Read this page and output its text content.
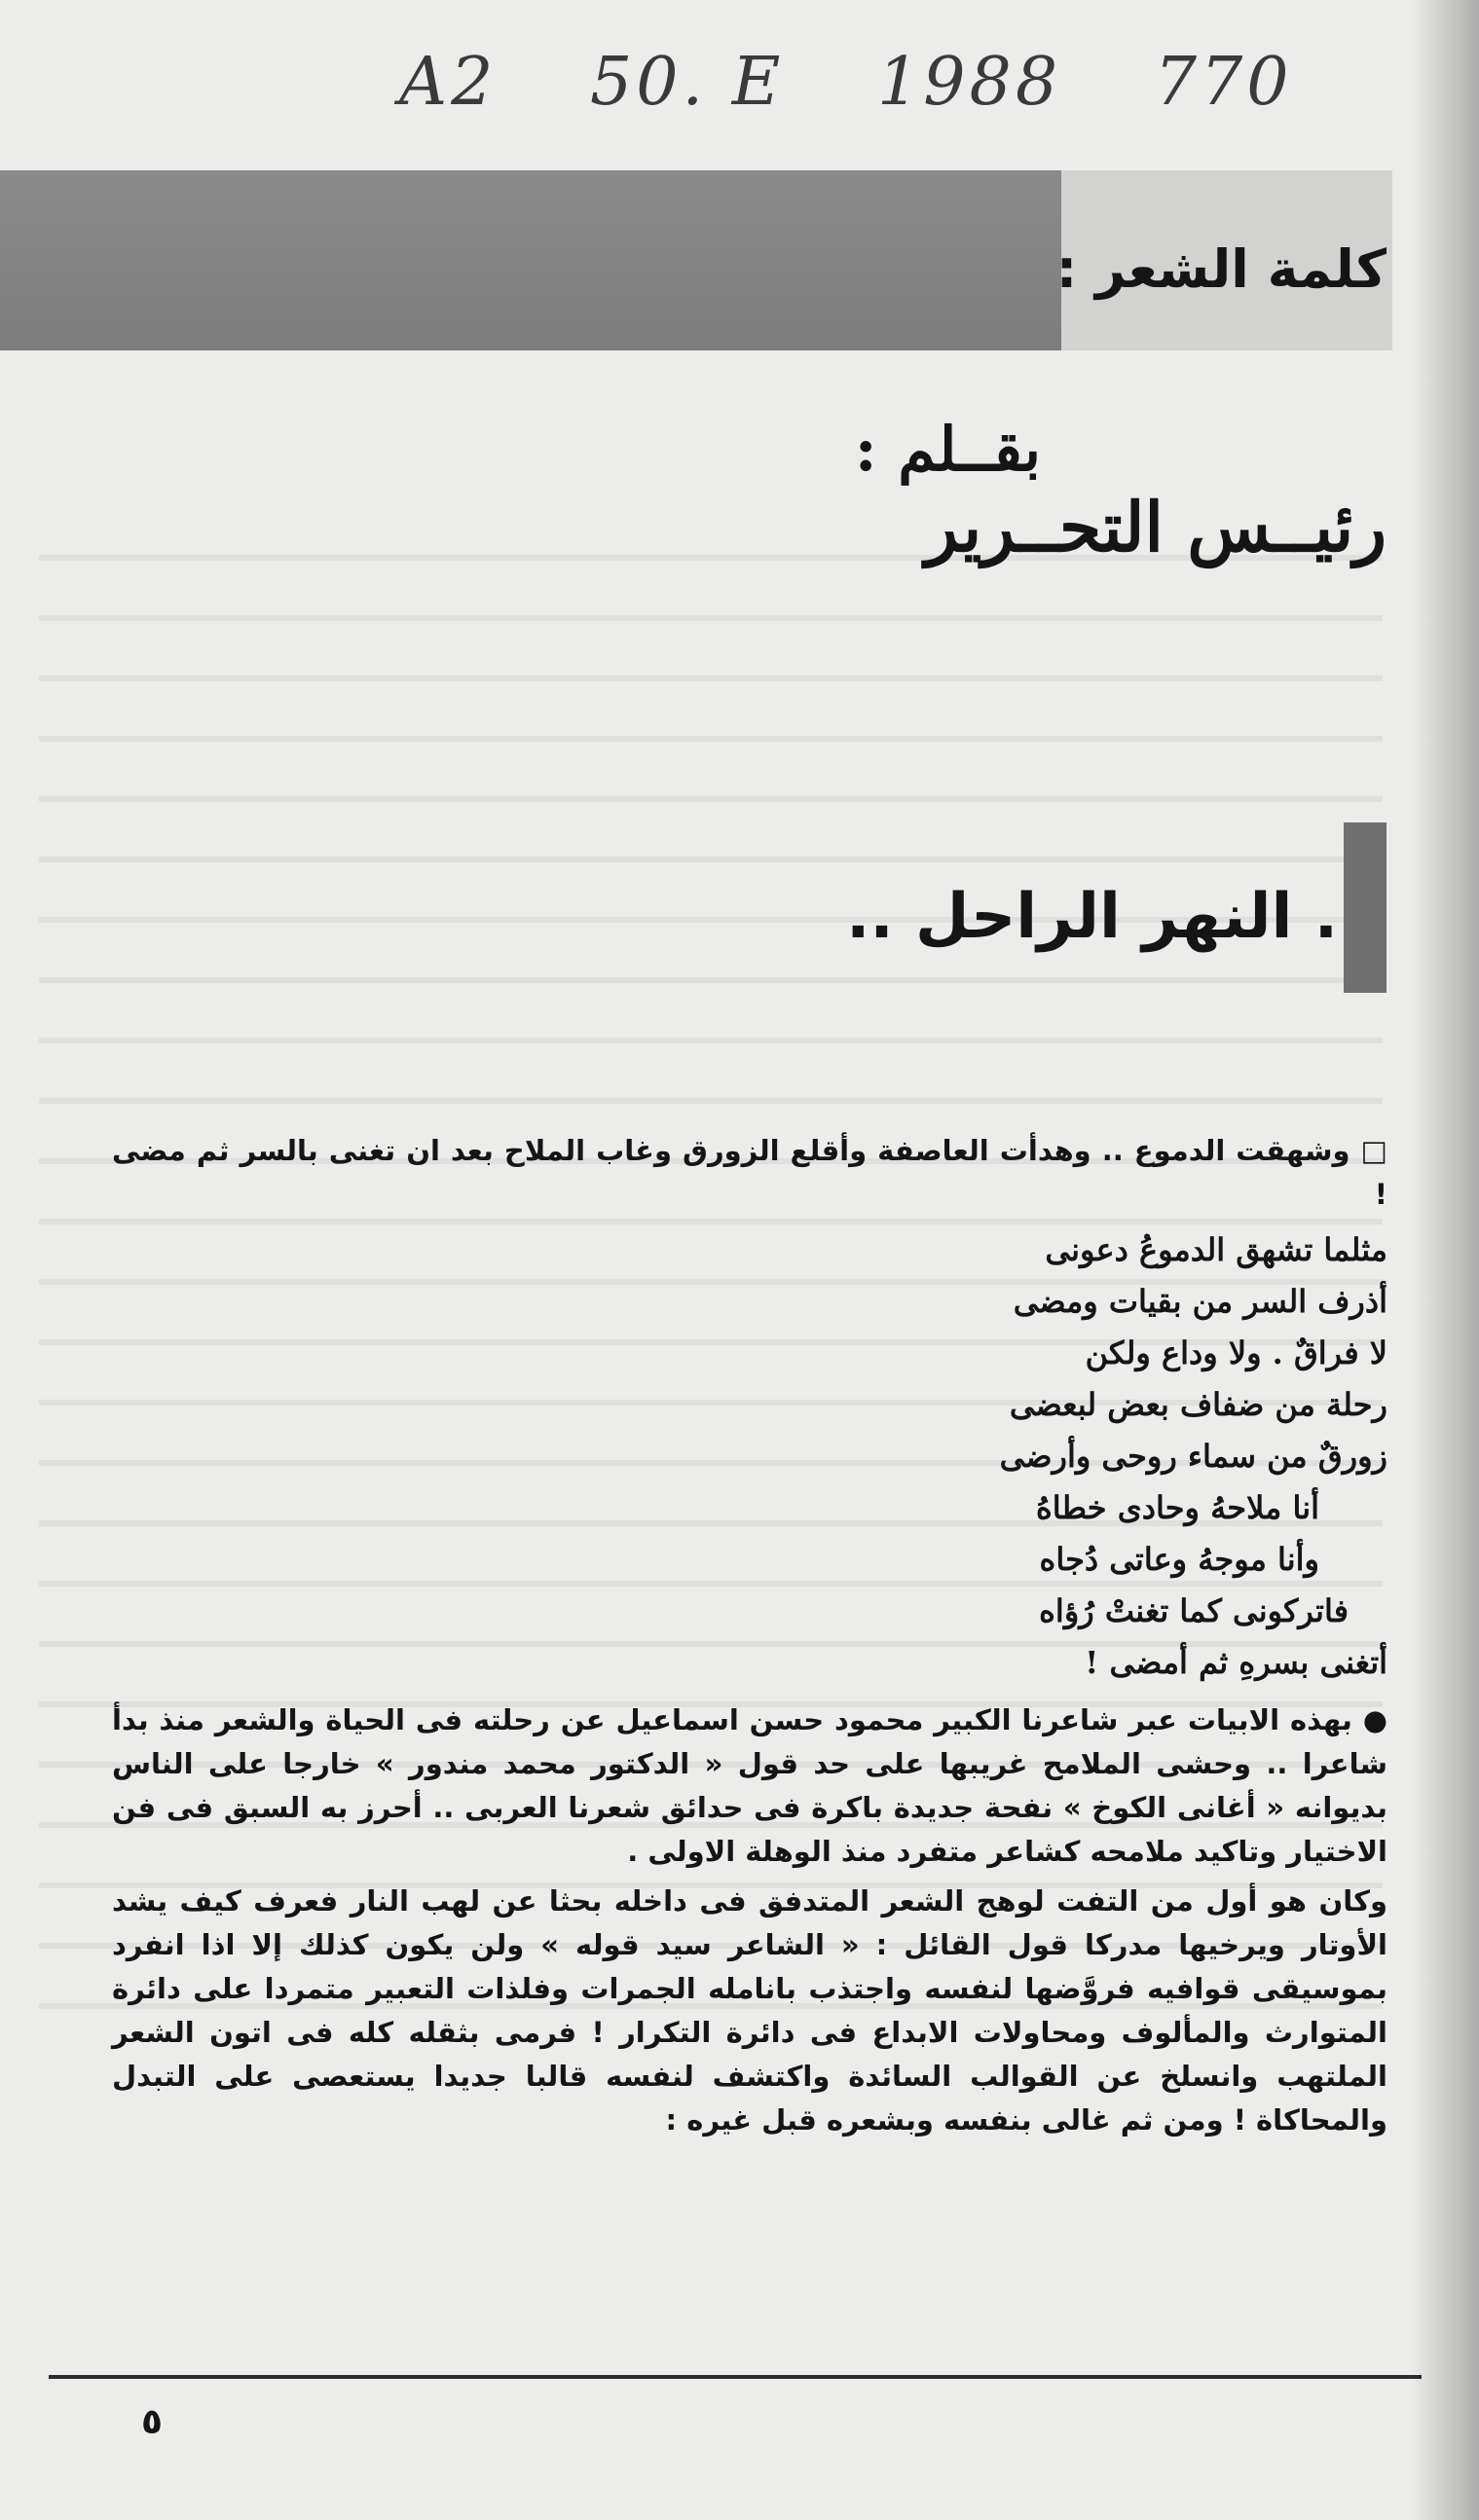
A2 50. E 1988 770
كلمة الشعر :
بقــلم :
رئيــس التحــرير
. النهر الراحل ..

□ وشهقت الدموع .. وهدأت العاصفة وأقلع الزورق وغاب الملاح بعد ان تغنى بالسر ثم مضى !

مثلما تشهق الدموعُ دعونى
أذرف السر من بقيات ومضى
لا فراقٌ . ولا وداع ولكن
رحلة من ضفاف بعض لبعضى
زورقٌ من سماء روحى وأرضى
أنا ملاحهُ وحادى خطاهُ
وأنا موجهُ وعاتى دُجاه
فاتركونى كما تغنتْ رُؤاه
أتغنى بسرهِ ثم أمضى !

● بهذه الابيات عبر شاعرنا الكبير محمود حسن اسماعيل عن رحلته فى الحياة والشعر منذ بدأ شاعرا .. وحشى الملامح غريبها على حد قول « الدكتور محمد مندور » خارجا على الناس بديوانه « أغانى الكوخ » نفحة جديدة باكرة فى حدائق شعرنا العربى .. أحرز به السبق فى فن الاختيار وتاكيد ملامحه كشاعر متفرد منذ الوهلة الاولى .

وكان هو أول من التفت لوهج الشعر المتدفق فى داخله بحثا عن لهب النار فعرف كيف يشد الأوتار ويرخيها مدركا قول القائل : « الشاعر سيد قوله » ولن يكون كذلك إلا اذا انفرد بموسيقى قوافيه فروَّضها لنفسه واجتذب بانامله الجمرات وفلذات التعبير متمردا على دائرة المتوارث والمألوف ومحاولات الابداع فى دائرة التكرار ! فرمى بثقله كله فى اتون الشعر الملتهب وانسلخ عن القوالب السائدة واكتشف لنفسه قالبا جديدا يستعصى على التبدل والمحاكاة ! ومن ثم غالى بنفسه وبشعره قبل غيره :

٥
